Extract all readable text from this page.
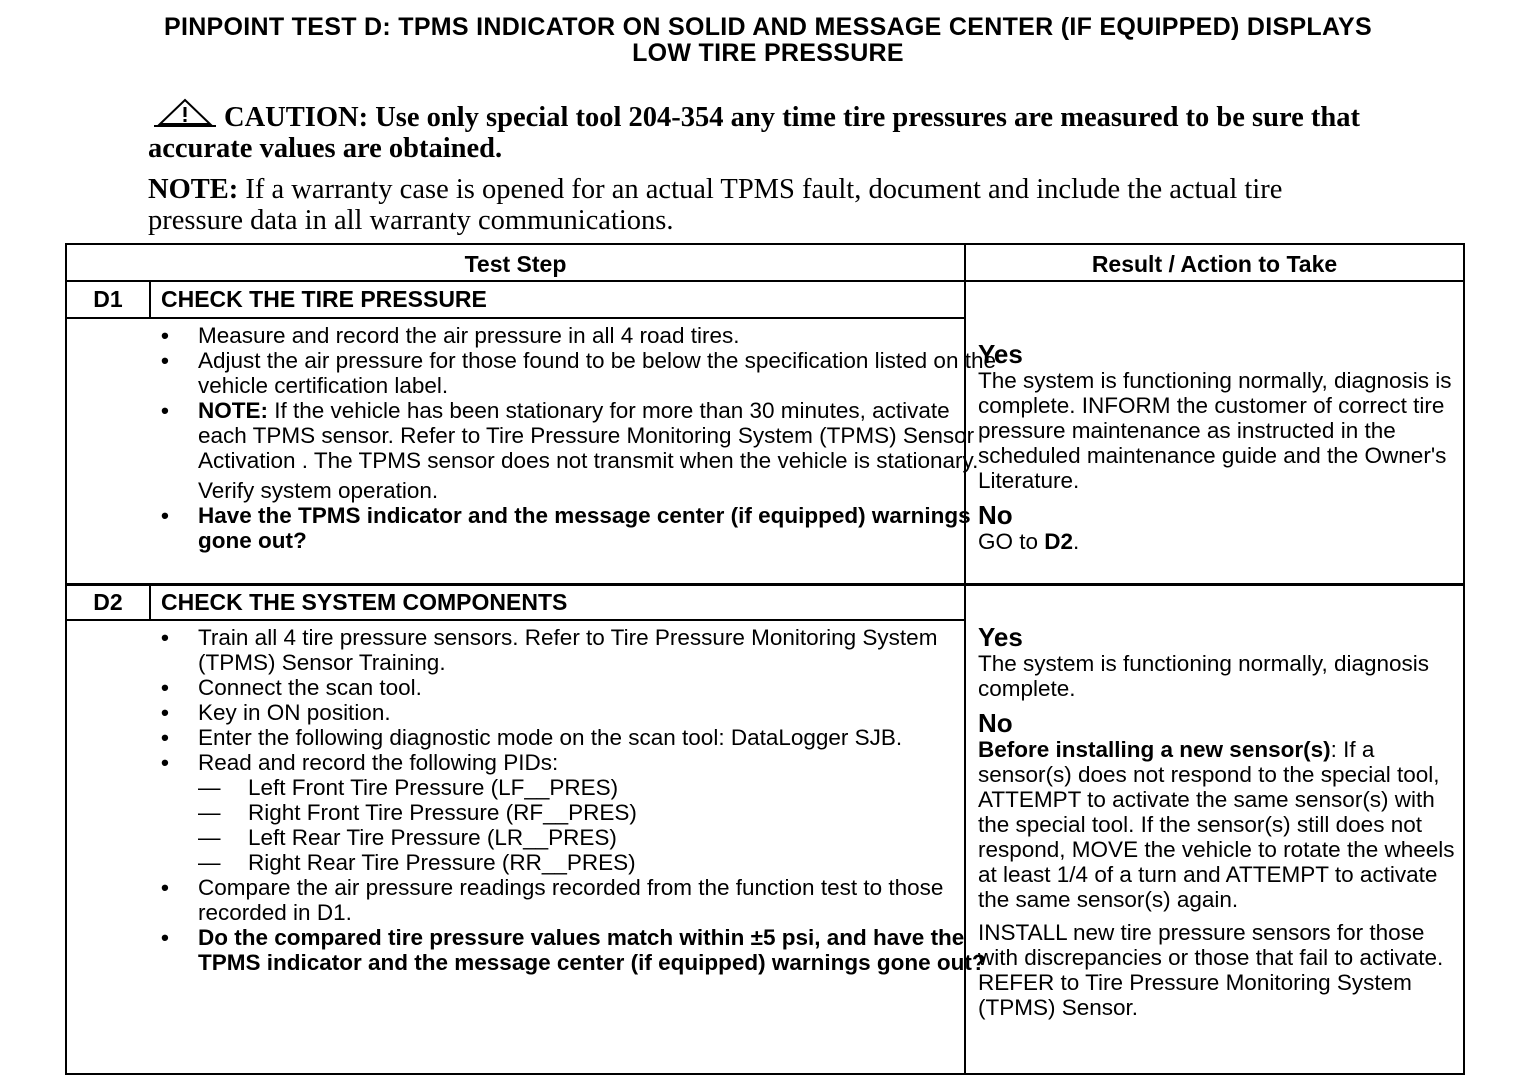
PINPOINT TEST D: TPMS INDICATOR ON SOLID AND MESSAGE CENTER (IF EQUIPPED) DISPLAYS
LOW TIRE PRESSURE
CAUTION: Use only special tool 204-354 any time tire pressures are measured to be sure that accurate values are obtained.
NOTE: If a warranty case is opened for an actual TPMS fault, document and include the actual tire pressure data in all warranty communications.
Test Step	Result / Action to Take
D1	CHECK THE TIRE PRESSURE
• Measure and record the air pressure in all 4 road tires.
• Adjust the air pressure for those found to be below the specification listed on the vehicle certification label.
• NOTE: If the vehicle has been stationary for more than 30 minutes, activate each TPMS sensor. Refer to Tire Pressure Monitoring System (TPMS) Sensor Activation . The TPMS sensor does not transmit when the vehicle is stationary.
Verify system operation.
• Have the TPMS indicator and the message center (if equipped) warnings gone out?
Yes
The system is functioning normally, diagnosis is complete. INFORM the customer of correct tire pressure maintenance as instructed in the scheduled maintenance guide and the Owner's Literature.
No
GO to D2.
D2	CHECK THE SYSTEM COMPONENTS
• Train all 4 tire pressure sensors. Refer to Tire Pressure Monitoring System (TPMS) Sensor Training.
• Connect the scan tool.
• Key in ON position.
• Enter the following diagnostic mode on the scan tool: DataLogger SJB.
• Read and record the following PIDs:
— Left Front Tire Pressure (LF__PRES)
— Right Front Tire Pressure (RF__PRES)
— Left Rear Tire Pressure (LR__PRES)
— Right Rear Tire Pressure (RR__PRES)
• Compare the air pressure readings recorded from the function test to those recorded in D1.
• Do the compared tire pressure values match within ±5 psi, and have the TPMS indicator and the message center (if equipped) warnings gone out?
Yes
The system is functioning normally, diagnosis complete.
No
Before installing a new sensor(s): If a sensor(s) does not respond to the special tool, ATTEMPT to activate the same sensor(s) with the special tool. If the sensor(s) still does not respond, MOVE the vehicle to rotate the wheels at least 1/4 of a turn and ATTEMPT to activate the same sensor(s) again.
INSTALL new tire pressure sensors for those with discrepancies or those that fail to activate. REFER to Tire Pressure Monitoring System (TPMS) Sensor.
